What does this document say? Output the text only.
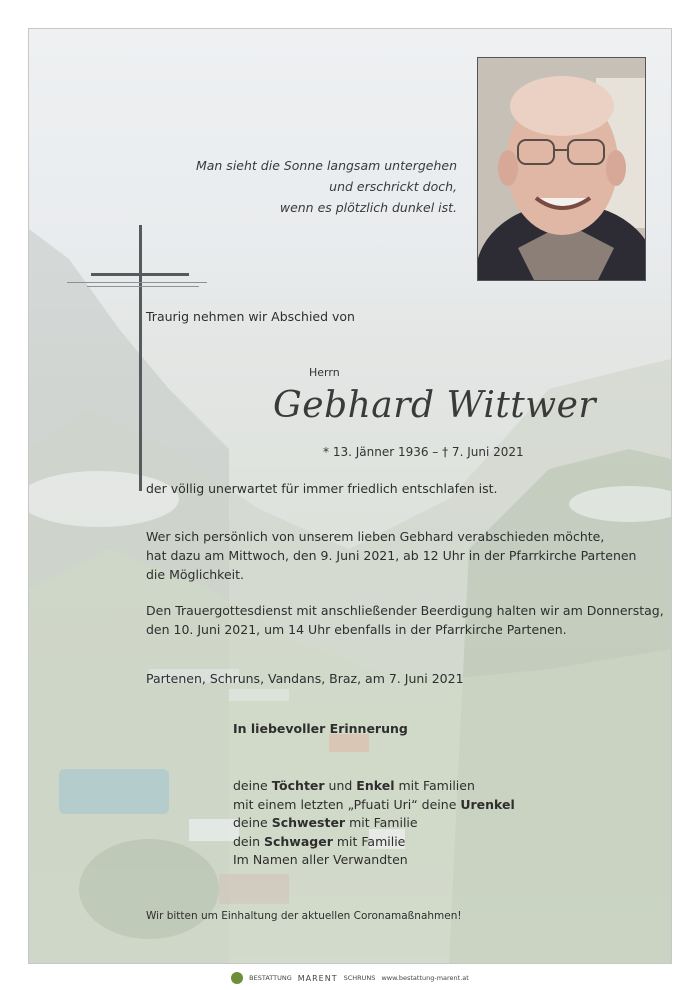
Man sieht die Sonne langsam untergehen
und erschrickt doch,
wenn es plötzlich dunkel ist.
Traurig nehmen wir Abschied von
Herrn
Gebhard Wittwer
* 13. Jänner 1936 – † 7. Juni 2021
der völlig unerwartet für immer friedlich entschlafen ist.
Wer sich persönlich von unserem lieben Gebhard verabschieden möchte,
hat dazu am Mittwoch, den 9. Juni 2021, ab 12 Uhr in der Pfarrkirche Partenen
die Möglichkeit.
Den Trauergottesdienst mit anschließender Beerdigung halten wir am Donnerstag,
den 10. Juni 2021, um 14 Uhr ebenfalls in der Pfarrkirche Partenen.
Partenen, Schruns, Vandans, Braz, am 7. Juni 2021
In liebevoller Erinnerung
deine Töchter und Enkel mit Familien
mit einem letzten „Pfuati Uri“ deine Urenkel
deine Schwester mit Familie
dein Schwager mit Familie
Im Namen aller Verwandten
Wir bitten um Einhaltung der aktuellen Coronamaßnahmen!
BESTATTUNG MARENT SCHRUNS www.bestattung-marent.at
